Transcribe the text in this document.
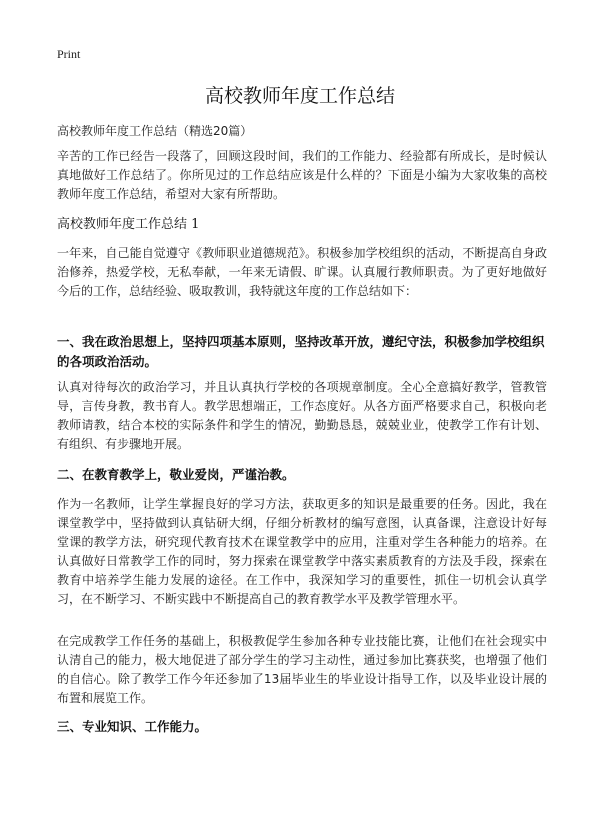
Print
高校教师年度工作总结
高校教师年度工作总结（精选20篇）

辛苦的工作已经告一段落了，回顾这段时间，我们的工作能力、经验都有所成长，是时候认真地做好工作总结了。你所见过的工作总结应该是什么样的？下面是小编为大家收集的高校教师年度工作总结，希望对大家有所帮助。

高校教师年度工作总结 1

一年来，自己能自觉遵守《教师职业道德规范》。积极参加学校组织的活动，不断提高自身政治修养，热爱学校，无私奉献，一年来无请假、旷课。认真履行教师职责。为了更好地做好今后的工作，总结经验、吸取教训，我特就这年度的工作总结如下：

一、我在政治思想上，坚持四项基本原则，坚持改革开放，遵纪守法，积极参加学校组织的各项政治活动。

认真对待每次的政治学习，并且认真执行学校的各项规章制度。全心全意搞好教学，管教管导，言传身教，教书育人。教学思想端正，工作态度好。从各方面严格要求自己，积极向老教师请教，结合本校的实际条件和学生的情况，勤勤恳恳，兢兢业业，使教学工作有计划、有组织、有步骤地开展。

二、在教育教学上，敬业爱岗，严谨治教。

作为一名教师，让学生掌握良好的学习方法，获取更多的知识是最重要的任务。因此，我在课堂教学中，坚持做到认真钻研大纲，仔细分析教材的编写意图，认真备课，注意设计好每堂课的教学方法，研究现代教育技术在课堂教学中的应用，注重对学生各种能力的培养。在认真做好日常教学工作的同时，努力探索在课堂教学中落实素质教育的方法及手段，探索在教育中培养学生能力发展的途径。在工作中，我深知学习的重要性，抓住一切机会认真学习，在不断学习、不断实践中不断提高自己的教育教学水平及教学管理水平。

在完成教学工作任务的基础上，积极教促学生参加各种专业技能比赛，让他们在社会现实中认清自己的能力，极大地促进了部分学生的学习主动性，通过参加比赛获奖，也增强了他们的自信心。除了教学工作今年还参加了13届毕业生的毕业设计指导工作，以及毕业设计展的布置和展览工作。

三、专业知识、工作能力。
